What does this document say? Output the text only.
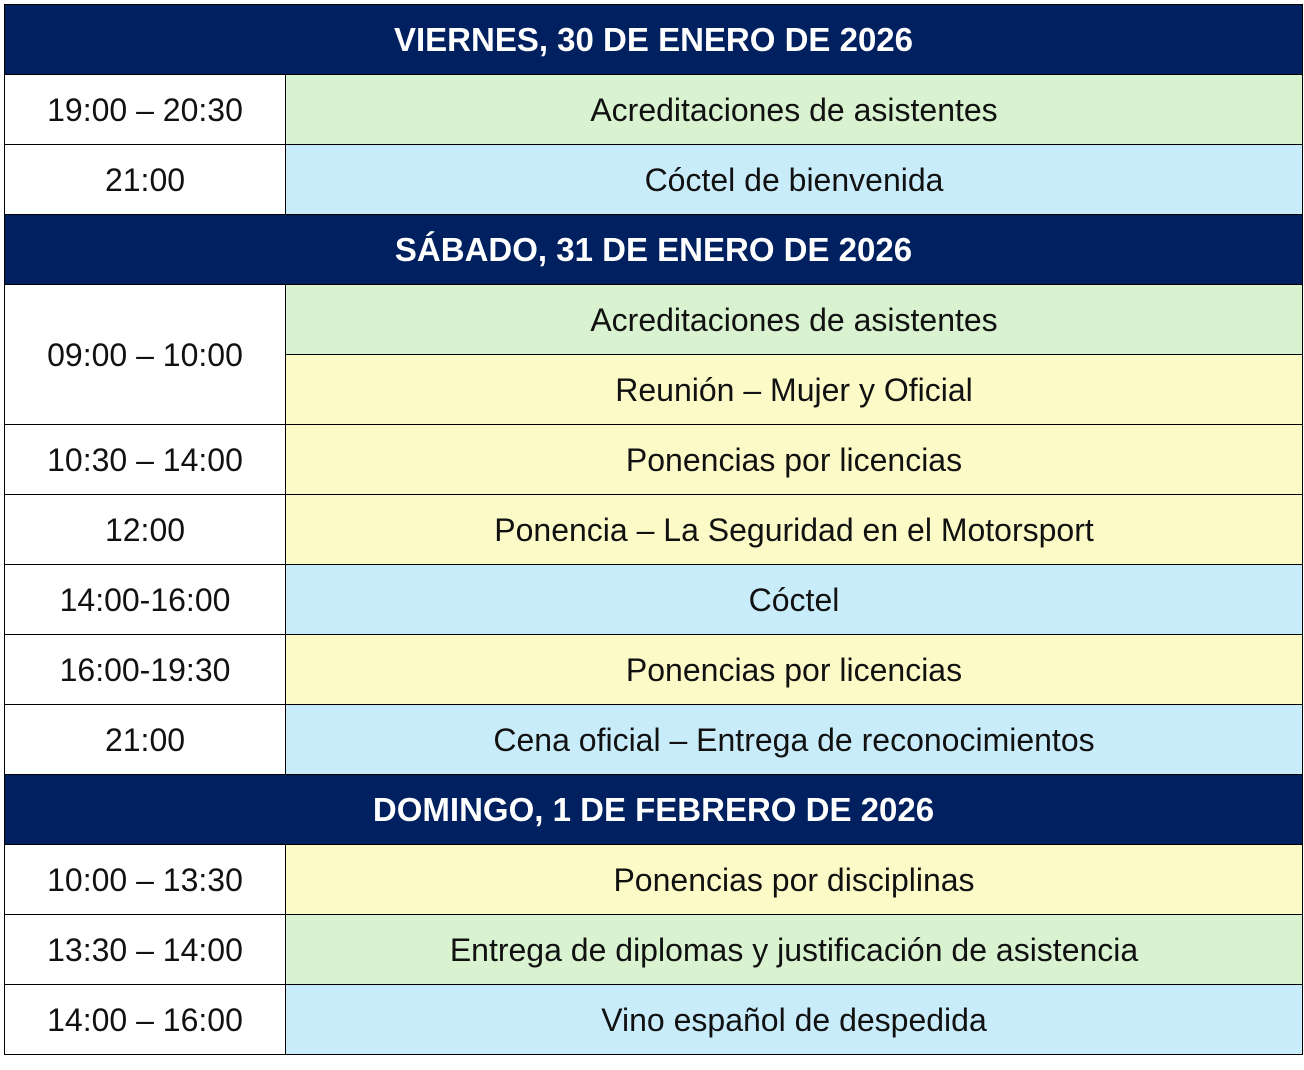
VIERNES, 30 DE ENERO DE 2026	
19:00 – 20:30	Acreditaciones de asistentes
21:00	Cóctel de bienvenida
SÁBADO, 31 DE ENERO DE 2026	
09:00 – 10:00	Acreditaciones de asistentes
	Reunión – Mujer y Oficial
10:30 – 14:00	Ponencias por licencias
12:00	Ponencia – La Seguridad en el Motorsport
14:00-16:00	Cóctel
16:00-19:30	Ponencias por licencias
21:00	Cena oficial – Entrega de reconocimientos
DOMINGO, 1 DE FEBRERO DE 2026	
10:00 – 13:30	Ponencias por disciplinas
13:30 – 14:00	Entrega de diplomas y justificación de asistencia
14:00 – 16:00	Vino español de despedida
